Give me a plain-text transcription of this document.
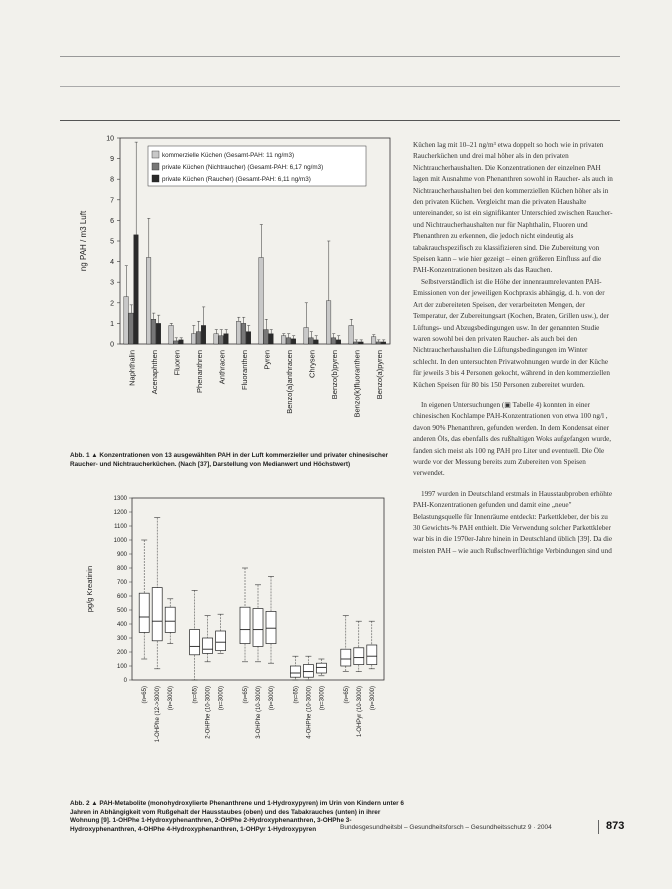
0
1
2
3
4
5
6
7
8
9
10
ng PAH / m3 Luft
Naphthalin Acenaphthen Fluoren Phenanthren Anthracen Fluoranthen Pyren Benzo(a)anthracen Chrysen Benzo(b)pyren Benzo(k)fluoranthen Benzo(a)pyren
kommerzielle Küchen (Gesamt-PAH: 11 ng/m3)
private Küchen (Nichtraucher) (Gesamt-PAH: 6,17 ng/m3)
private Küchen (Raucher) (Gesamt-PAH: 6,11 ng/m3)
Abb. 1 ▲ Konzentrationen von 13 ausgewählten PAH in der Luft kommerzieller und privater chinesischer Raucher- und Nichtraucherküchen. (Nach [37], Darstellung von Medianwert und Höchstwert)
0
100
200
300
400
500
600
700
800
900
1000
1100
1200
1300
pg/g Kreatinin
(n=65) 1-OHPhe (12->3000) (n=3000)	(n=65) 2-OHPhe (10-3000) (n=3000)	(n=65) 3-OHPhe (10-3000) (n=3000)	(n=65) 4-OHPhe (10-3000) (n=3000)	(n=65) 1-OHPyr (10-3000) (n=3000)
Abb. 2 ▲ PAH-Metabolite (monohydroxylierte Phenanthrene und 1-Hydroxypyren) im Urin von Kindern unter 6 Jahren in Abhängigkeit vom Rußgehalt der Hausstaubes (oben) und des Tabakrauches (unten) in ihrer Wohnung [9]. 1-OHPhe 1-Hydroxyphenanthren, 2-OHPhe 2-Hydroxyphenanthren, 3-OHPhe 3-Hydroxyphenanthren, 4-OHPhe 4-Hydroxyphenanthren, 1-OHPyr 1-Hydroxypyren

Küchen lag mit 10–21 ng/m³ etwa doppelt so hoch wie in privaten Raucherküchen und drei mal höher als in den privaten Nichtraucherhaushalten. Die Konzentrationen der einzelnen PAH lagen mit Ausnahme von Phenanthren sowohl in Raucher- als auch in Nichtraucherhaushalten bei den kommerziellen Küchen höher als in den privaten Küchen. Vergleicht man die privaten Haushalte untereinander, so ist ein signifikanter Unterschied zwischen Raucher- und Nichtraucherhaushalten nur für Naphthalin, Fluoren und Phenanthren zu erkennen, die jedoch nicht eindeutig als tabakrauchspezifisch zu klassifizieren sind. Die Zubereitung von Speisen kann – wie hier gezeigt – einen größeren Einfluss auf die PAH-Konzentrationen besitzen als das Rauchen.

Selbstverständlich ist die Höhe der innenraumrelevanten PAH-Emissionen von der jeweiligen Kochpraxis abhängig, d. h. von der Art der zubereiteten Speisen, der verarbeiteten Mengen, der Temperatur, der Zubereitungsart (Kochen, Braten, Grillen usw.), der Lüftungs- und Abzugsbedingungen usw. In der genannten Studie waren sowohl bei den privaten Raucher- als auch bei den Nichtraucherhaushalten die Lüftungsbedingungen im Winter schlecht. In den untersuchten Privatwohnungen wurde in der Küche für jeweils 3 bis 4 Personen gekocht, während in den kommerziellen Küchen Speisen für 80 bis 150 Personen zubereitet wurden.

In eigenen Untersuchungen (▣ Tabelle 4) konnten in einer chinesischen Kochlampe PAH-Konzentrationen von etwa 100 ng/l , davon 90% Phenanthren, gefunden werden. In dem Kondensat einer anderen Öls, das ebenfalls des rußhaltigen Woks aufgefangen wurde, fanden sich meist als 100 ng PAH pro Liter und eventuell. Die Öle wurde vor der Messung bereits zum Zubereiten von Speisen verwendet.

1997 wurden in Deutschland erstmals in Hausstaubproben erhöhte PAH-Konzentrationen gefunden und damit eine „neue" Belastungsquelle für Innenräume entdeckt: Parkettkleber, der bis zu 30 Gewichts-% PAH enthielt. Die Verwendung solcher Parkettkleber war bis in die 1970er-Jahre hinein in Deutschland üblich [39]. Da die meisten PAH – wie auch Rußschwerflüchtige Verbindungen sind und

Bundesgesundheitsbl – Gesundheitsforsch – Gesundheitsschutz 9 · 2004	873
